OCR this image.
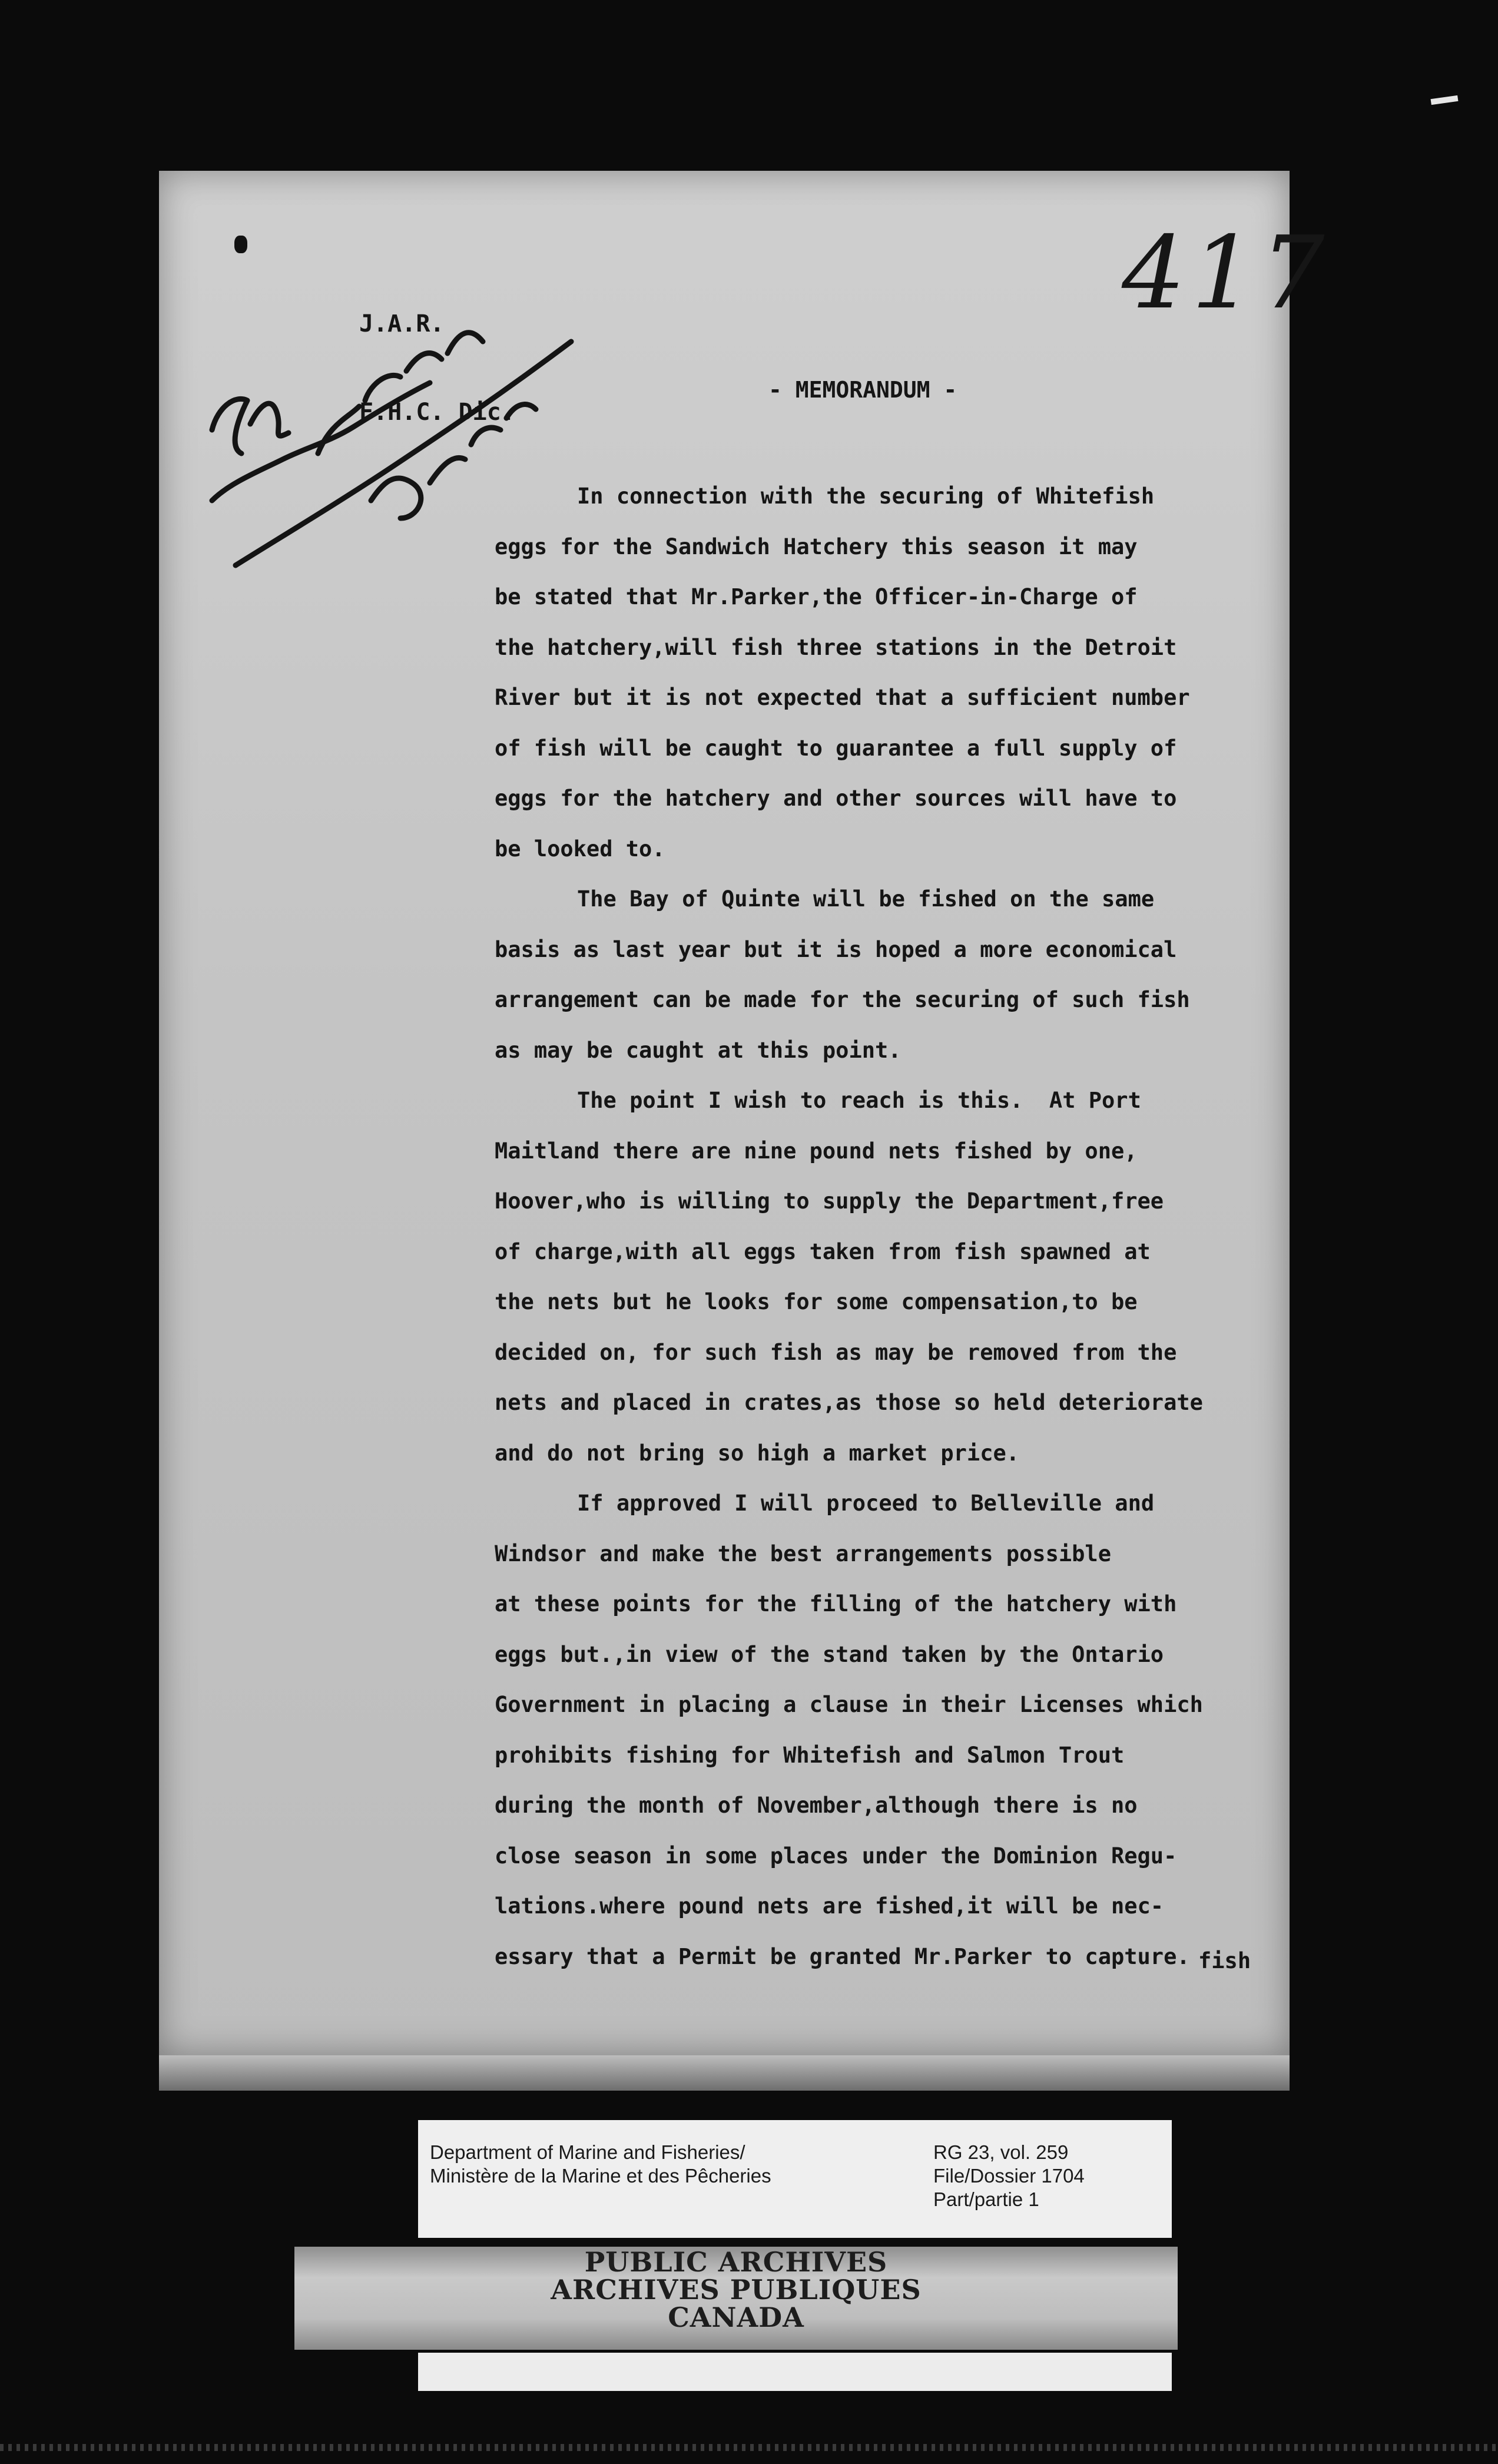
J.A.R.

F.H.C. Dic.

417
File	- MEMORANDUM -
In connection with the securing of Whitefish
eggs for the Sandwich Hatchery this season it may
be stated that Mr.Parker,the Officer-in-Charge of
the hatchery,will fish three stations in the Detroit
River but it is not expected that a sufficient number
of fish will be caught to guarantee a full supply of
eggs for the hatchery and other sources will have to
be looked to.
The Bay of Quinte will be fished on the same
basis as last year but it is hoped a more economical
arrangement can be made for the securing of such fish
as may be caught at this point.
The point I wish to reach is this.  At Port
Maitland there are nine pound nets fished by one,
Hoover,who is willing to supply the Department,free
of charge,with all eggs taken from fish spawned at
the nets but he looks for some compensation,to be
decided on, for such fish as may be removed from the
nets and placed in crates,as those so held deteriorate
and do not bring so high a market price.
If approved I will proceed to Belleville and
Windsor and make the best arrangements possible
at these points for the filling of the hatchery with
eggs but.,in view of the stand taken by the Ontario
Government in placing a clause in their Licenses which
prohibits fishing for Whitefish and Salmon Trout
during the month of November,although there is no
close season in some places under the Dominion Regu-
lations.where pound nets are fished,it will be nec-
essary that a Permit be granted Mr.Parker to capture. fish
Department of Marine and Fisheries/
Ministère de la Marine et des Pêcheries
RG 23, vol. 259
File/Dossier 1704
Part/partie 1
PUBLIC ARCHIVES
ARCHIVES PUBLIQUES
CANADA
